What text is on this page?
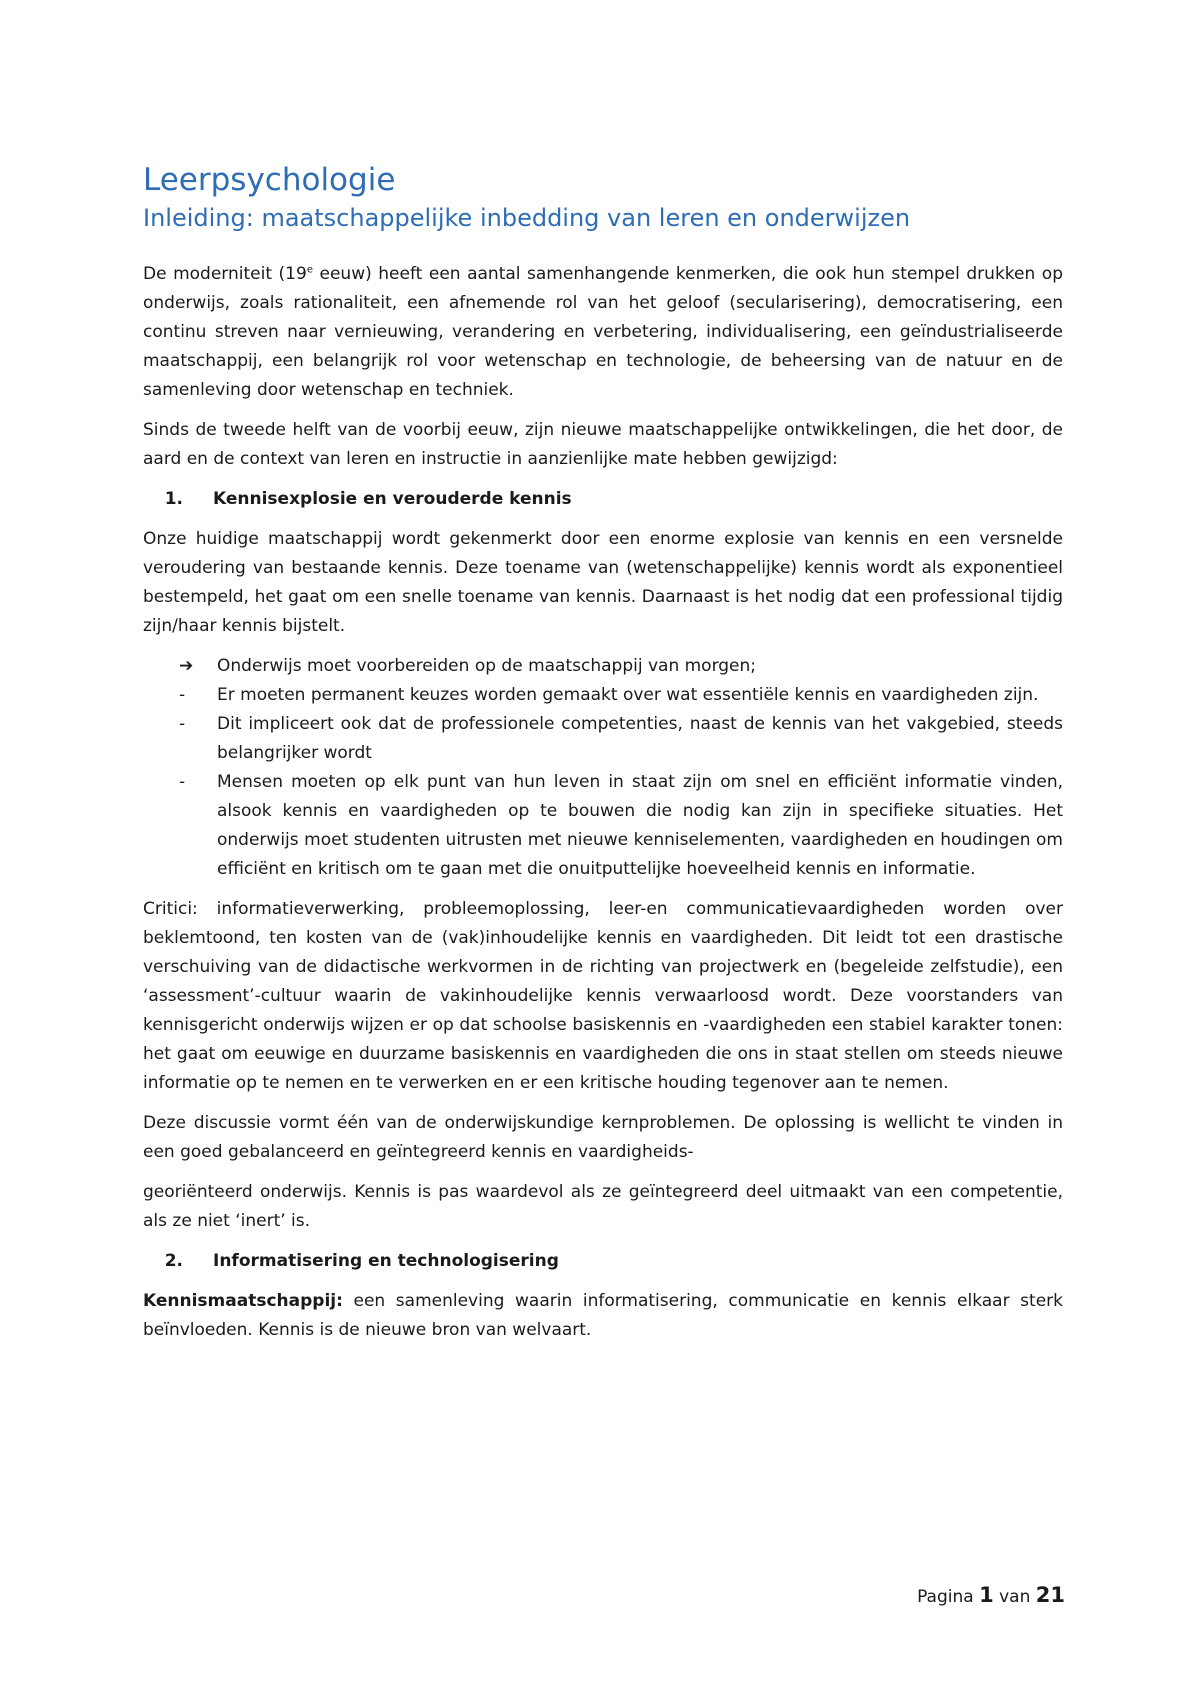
Leerpsychologie
Inleiding: maatschappelijke inbedding van leren en onderwijzen

De moderniteit (19e eeuw) heeft een aantal samenhangende kenmerken, die ook hun stempel drukken op onderwijs, zoals rationaliteit, een afnemende rol van het geloof (secularisering), democratisering, een continu streven naar vernieuwing, verandering en verbetering, individualisering, een geïndustrialiseerde maatschappij, een belangrijk rol voor wetenschap en technologie, de beheersing van de natuur en de samenleving door wetenschap en techniek.

Sinds de tweede helft van de voorbij eeuw, zijn nieuwe maatschappelijke ontwikkelingen, die het door, de aard en de context van leren en instructie in aanzienlijke mate hebben gewijzigd:

1.	Kennisexplosie en verouderde kennis

Onze huidige maatschappij wordt gekenmerkt door een enorme explosie van kennis en een versnelde veroudering van bestaande kennis. Deze toename van (wetenschappelijke) kennis wordt als exponentieel bestempeld, het gaat om een snelle toename van kennis. Daarnaast is het nodig dat een professional tijdig zijn/haar kennis bijstelt.

➔	Onderwijs moet voorbereiden op de maatschappij van morgen;
-	Er moeten permanent keuzes worden gemaakt over wat essentiële kennis en vaardigheden zijn.
-	Dit impliceert ook dat de professionele competenties, naast de kennis van het vakgebied, steeds belangrijker wordt
-	Mensen moeten op elk punt van hun leven in staat zijn om snel en efficiënt informatie vinden, alsook kennis en vaardigheden op te bouwen die nodig kan zijn in specifieke situaties. Het onderwijs moet studenten uitrusten met nieuwe kenniselementen, vaardigheden en houdingen om efficiënt en kritisch om te gaan met die onuitputtelijke hoeveelheid kennis en informatie.

Critici: informatieverwerking, probleemoplossing, leer-en communicatievaardigheden worden over beklemtoond, ten kosten van de (vak)inhoudelijke kennis en vaardigheden. Dit leidt tot een drastische verschuiving van de didactische werkvormen in de richting van projectwerk en (begeleide zelfstudie), een ‘assessment’-cultuur waarin de vakinhoudelijke kennis verwaarloosd wordt. Deze voorstanders van kennisgericht onderwijs wijzen er op dat schoolse basiskennis en -vaardigheden een stabiel karakter tonen: het gaat om eeuwige en duurzame basiskennis en vaardigheden die ons in staat stellen om steeds nieuwe informatie op te nemen en te verwerken en er een kritische houding tegenover aan te nemen.

Deze discussie vormt één van de onderwijskundige kernproblemen. De oplossing is wellicht te vinden in een goed gebalanceerd en geïntegreerd kennis en vaardigheids-

georiënteerd onderwijs. Kennis is pas waardevol als ze geïntegreerd deel uitmaakt van een competentie, als ze niet ‘inert’ is.

2.	Informatisering en technologisering

Kennismaatschappij: een samenleving waarin informatisering, communicatie en kennis elkaar sterk beïnvloeden. Kennis is de nieuwe bron van welvaart.

Pagina 1 van 21
